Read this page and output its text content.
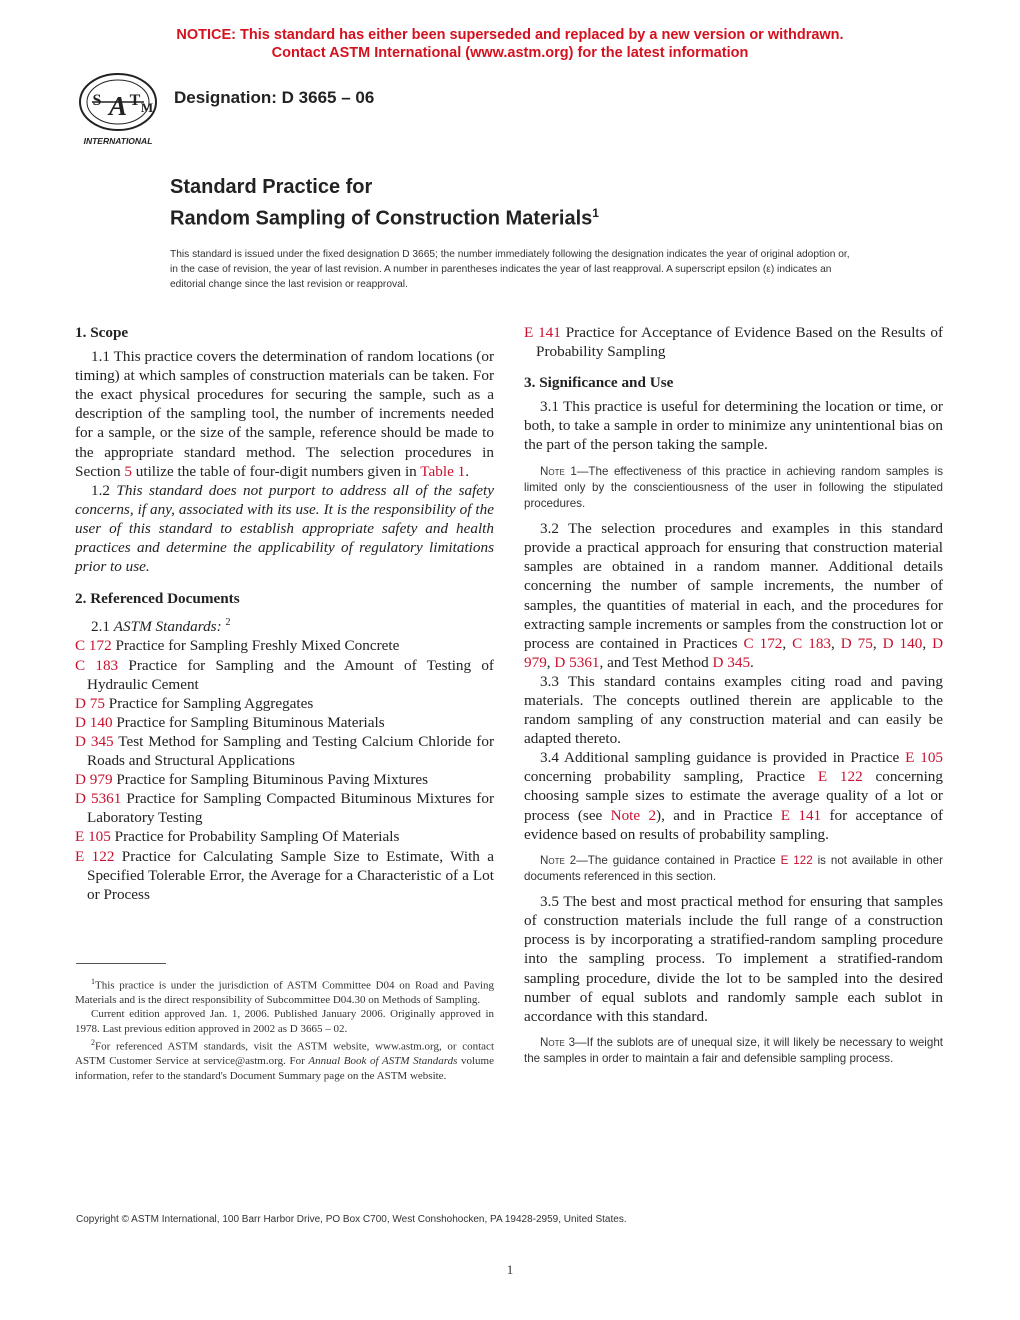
NOTICE: This standard has either been superseded and replaced by a new version or withdrawn.
Contact ASTM International (www.astm.org) for the latest information
A
S T M
INTERNATIONAL
Designation: D 3665 – 06
Standard Practice for
Random Sampling of Construction Materials$^1$
This standard is issued under the fixed designation D 3665; the number immediately following the designation indicates the year of original adoption or, in the case of revision, the year of last revision. A number in parentheses indicates the year of last reapproval. A superscript epsilon (ε) indicates an editorial change since the last revision or reapproval.

1. Scope

1.1 This practice covers the determination of random locations (or timing) at which samples of construction materials can be taken. For the exact physical procedures for securing the sample, such as a description of the sampling tool, the number of increments needed for a sample, or the size of the sample, reference should be made to the appropriate standard method. The selection procedures in Section 5 utilize the table of four-digit numbers given in Table 1.

1.2 This standard does not purport to address all of the safety concerns, if any, associated with its use. It is the responsibility of the user of this standard to establish appropriate safety and health practices and determine the applicability of regulatory limitations prior to use.

2. Referenced Documents

2.1 ASTM Standards: $^2$

C 172 Practice for Sampling Freshly Mixed Concrete

C 183 Practice for Sampling and the Amount of Testing of Hydraulic Cement

D 75 Practice for Sampling Aggregates

D 140 Practice for Sampling Bituminous Materials

D 345 Test Method for Sampling and Testing Calcium Chloride for Roads and Structural Applications

D 979 Practice for Sampling Bituminous Paving Mixtures

D 5361 Practice for Sampling Compacted Bituminous Mixtures for Laboratory Testing

E 105 Practice for Probability Sampling Of Materials

E 122 Practice for Calculating Sample Size to Estimate, With a Specified Tolerable Error, the Average for a Characteristic of a Lot or Process

$^1$This practice is under the jurisdiction of ASTM Committee D04 on Road and Paving Materials and is the direct responsibility of Subcommittee D04.30 on Methods of Sampling.

Current edition approved Jan. 1, 2006. Published January 2006. Originally approved in 1978. Last previous edition approved in 2002 as D 3665 – 02.

$^2$For referenced ASTM standards, visit the ASTM website, www.astm.org, or contact ASTM Customer Service at service@astm.org. For Annual Book of ASTM Standards volume information, refer to the standard's Document Summary page on the ASTM website.

E 141 Practice for Acceptance of Evidence Based on the Results of Probability Sampling

3. Significance and Use

3.1 This practice is useful for determining the location or time, or both, to take a sample in order to minimize any unintentional bias on the part of the person taking the sample.

Note 1—The effectiveness of this practice in achieving random samples is limited only by the conscientiousness of the user in following the stipulated procedures.

3.2 The selection procedures and examples in this standard provide a practical approach for ensuring that construction material samples are obtained in a random manner. Additional details concerning the number of sample increments, the number of samples, the quantities of material in each, and the procedures for extracting sample increments or samples from the construction lot or process are contained in Practices C 172, C 183, D 75, D 140, D 979, D 5361, and Test Method D 345.

3.3 This standard contains examples citing road and paving materials. The concepts outlined therein are applicable to the random sampling of any construction material and can easily be adapted thereto.

3.4 Additional sampling guidance is provided in Practice E 105 concerning probability sampling, Practice E 122 concerning choosing sample sizes to estimate the average quality of a lot or process (see Note 2), and in Practice E 141 for acceptance of evidence based on results of probability sampling.

Note 2—The guidance contained in Practice E 122 is not available in other documents referenced in this section.

3.5 The best and most practical method for ensuring that samples of construction materials include the full range of a construction process is by incorporating a stratified-random sampling procedure into the sampling process. To implement a stratified-random sampling procedure, divide the lot to be sampled into the desired number of equal sublots and randomly sample each sublot in accordance with this standard.

Note 3—If the sublots are of unequal size, it will likely be necessary to weight the samples in order to maintain a fair and defensible sampling process.

Copyright © ASTM International, 100 Barr Harbor Drive, PO Box C700, West Conshohocken, PA 19428-2959, United States.
1
